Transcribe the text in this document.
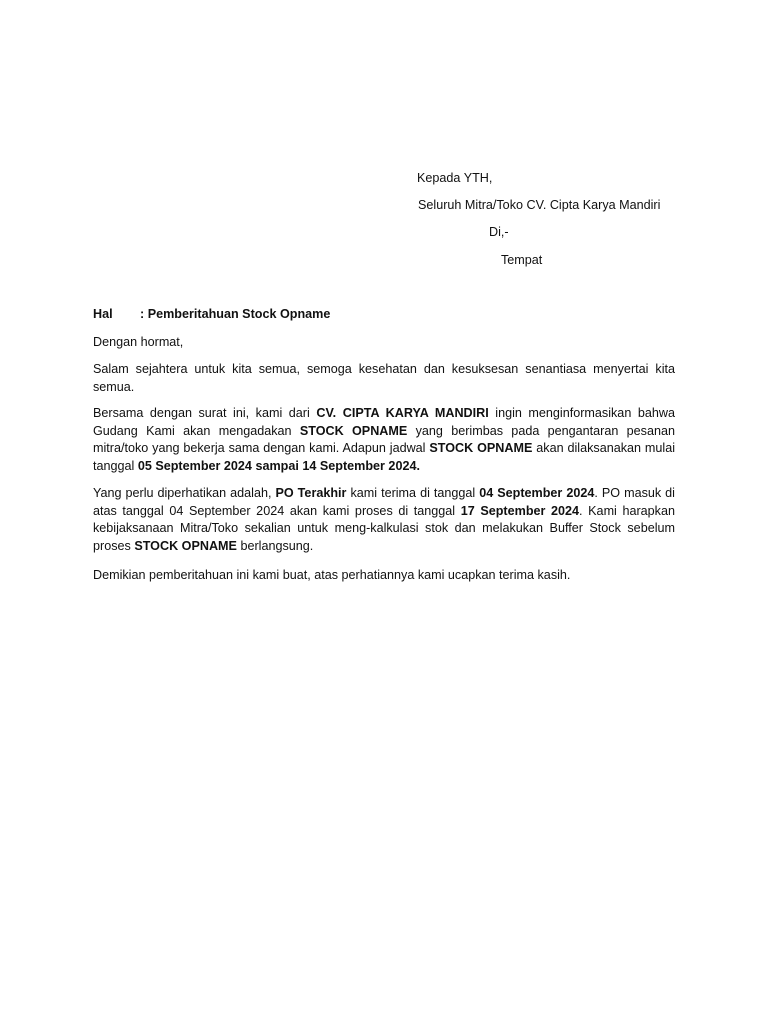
Kepada YTH,
Seluruh Mitra/Toko CV. Cipta Karya Mandiri
Di,-
Tempat
Hal : Pemberitahuan Stock Opname

Dengan hormat,

Salam sejahtera untuk kita semua, semoga kesehatan dan kesuksesan senantiasa menyertai kita semua.

Bersama dengan surat ini, kami dari CV. CIPTA KARYA MANDIRI ingin menginformasikan bahwa Gudang Kami akan mengadakan STOCK OPNAME yang berimbas pada pengantaran pesanan mitra/toko yang bekerja sama dengan kami. Adapun jadwal STOCK OPNAME akan dilaksanakan mulai tanggal 05 September 2024 sampai 14 September 2024.

Yang perlu diperhatikan adalah, PO Terakhir kami terima di tanggal 04 September 2024. PO masuk di atas tanggal 04 September 2024 akan kami proses di tanggal 17 September 2024. Kami harapkan kebijaksanaan Mitra/Toko sekalian untuk meng-kalkulasi stok dan melakukan Buffer Stock sebelum proses STOCK OPNAME berlangsung.

Demikian pemberitahuan ini kami buat, atas perhatiannya kami ucapkan terima kasih.
